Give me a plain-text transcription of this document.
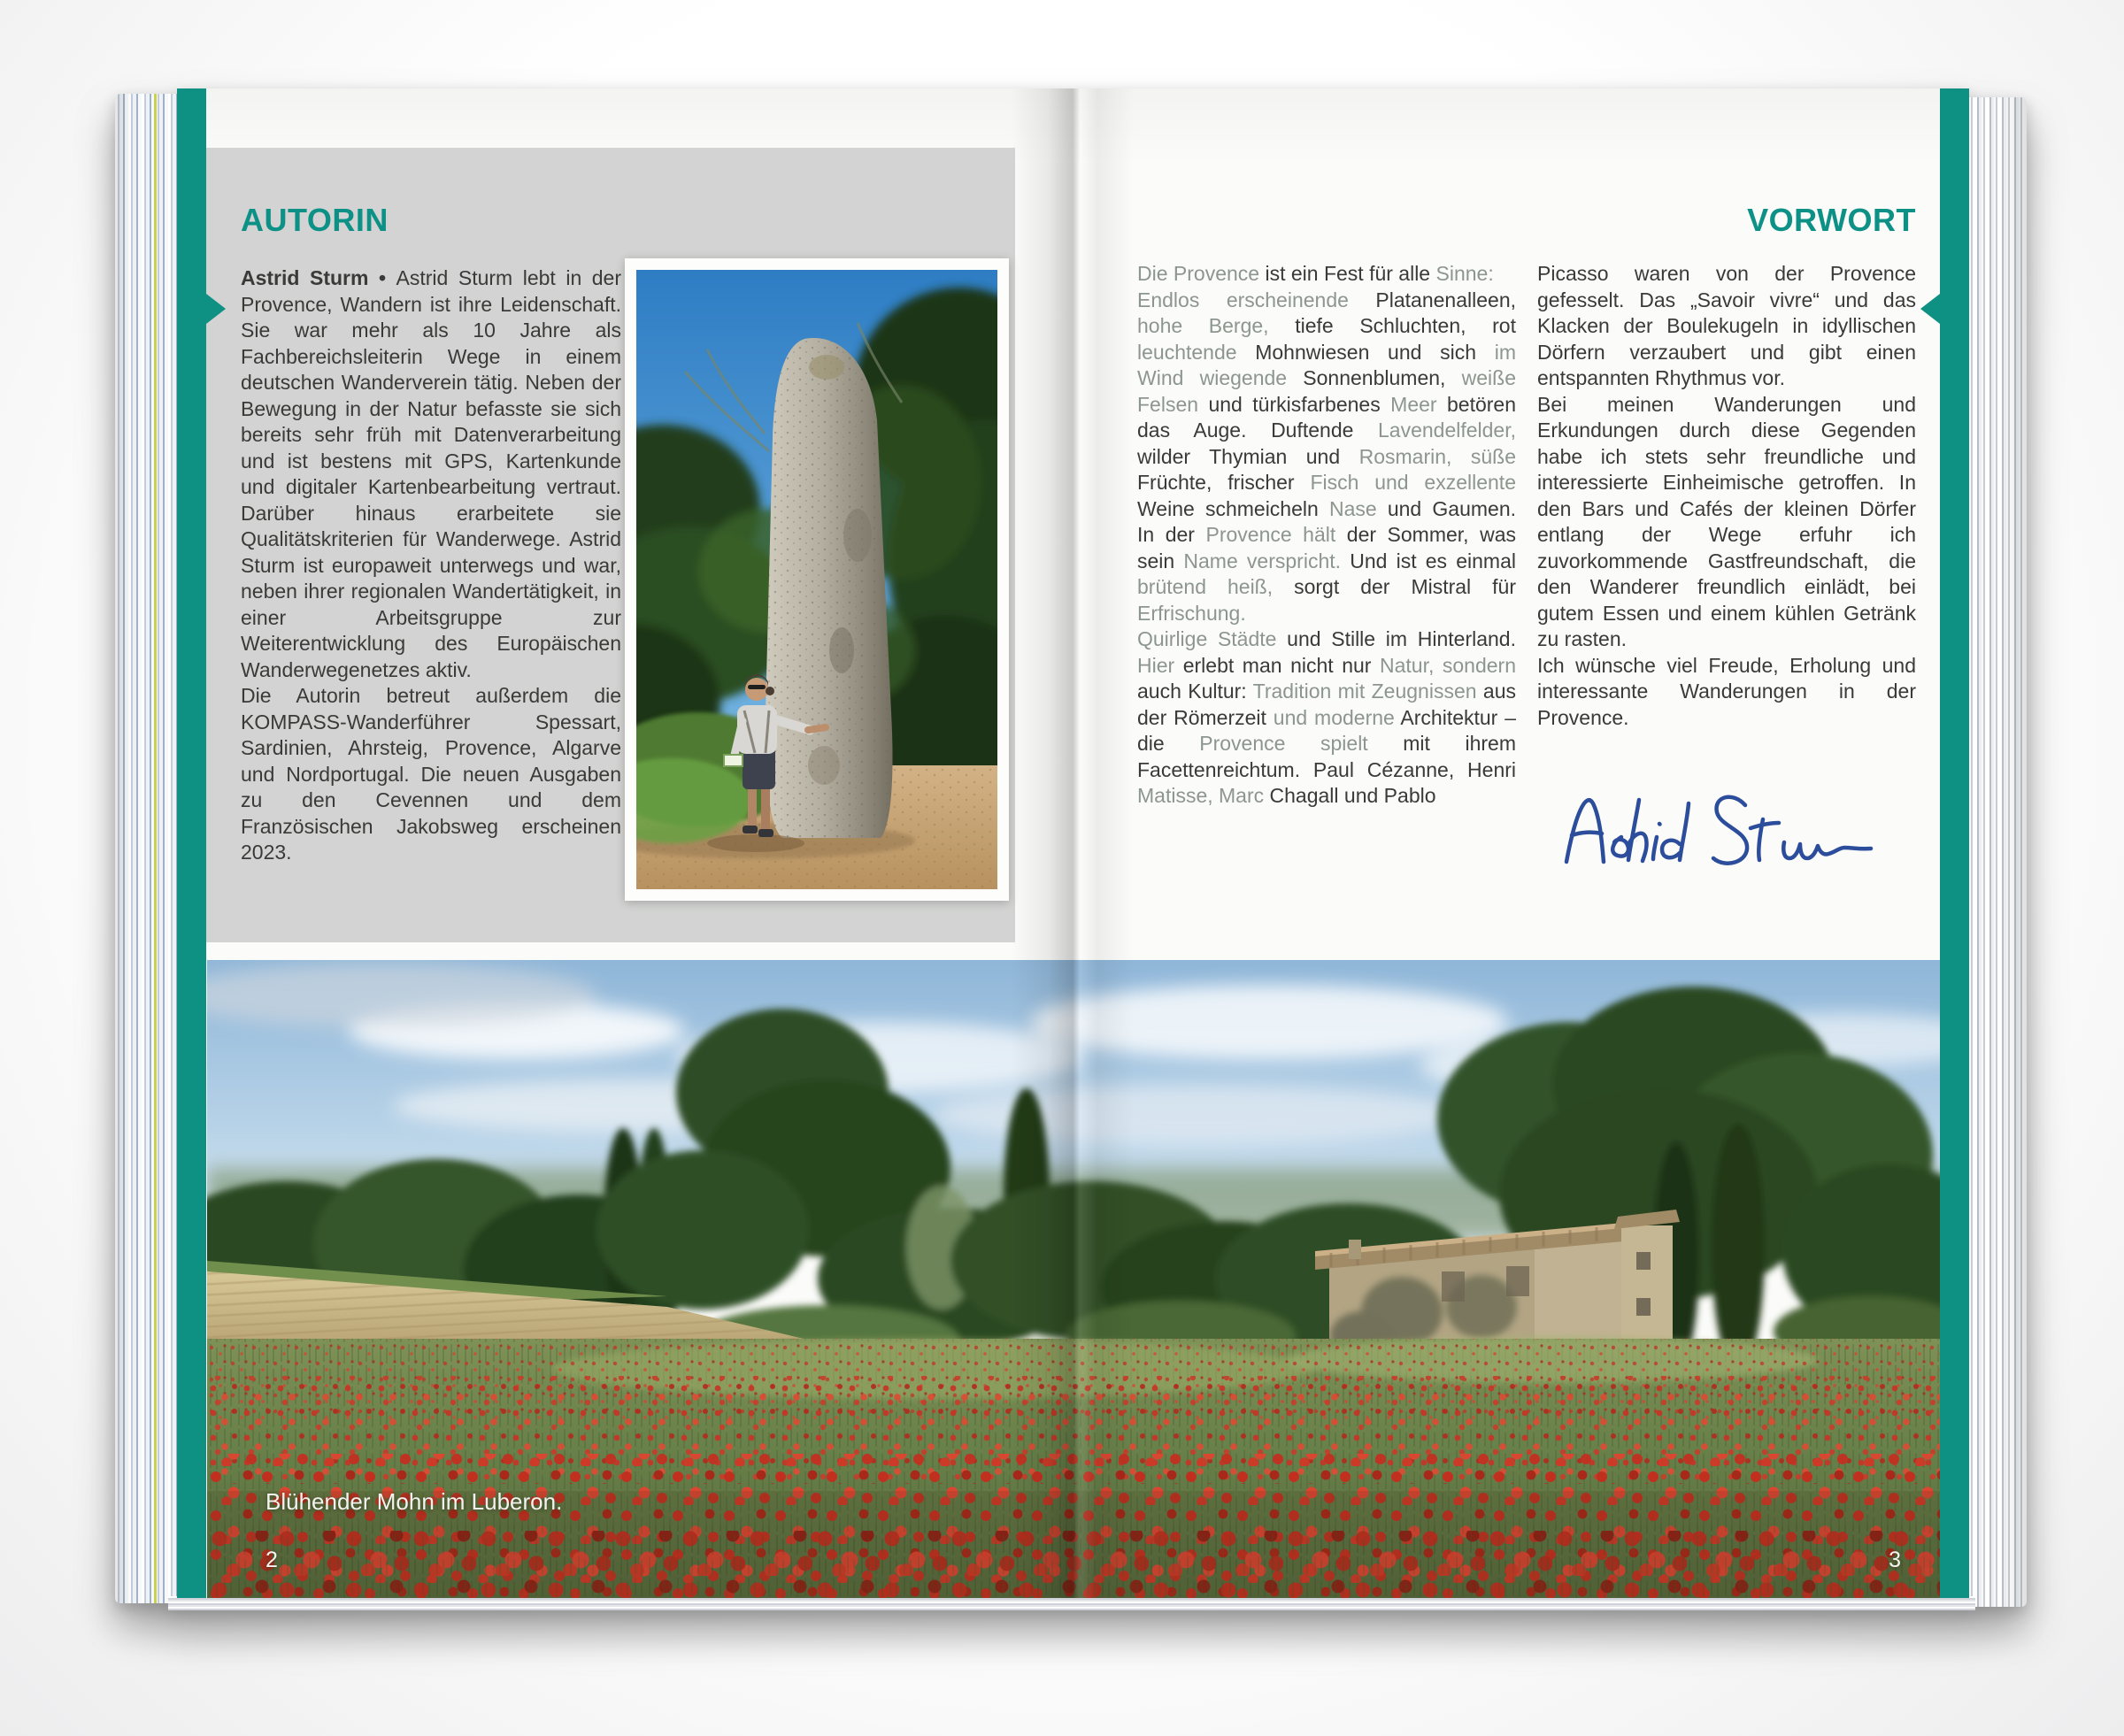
AUTORIN

Astrid Sturm • Astrid Sturm lebt in der Provence, Wandern ist ihre Leidenschaft. Sie war mehr als 10 Jahre als Fachbereichsleiterin Wege in einem deutschen Wanderverein tätig. Neben der Bewegung in der Natur befasste sie sich bereits sehr früh mit Datenverarbeitung und ist bestens mit GPS, Kartenkunde und digitaler Kartenbearbeitung vertraut. Darüber hinaus erarbeitete sie Qualitätskriterien für Wanderwege. Astrid Sturm ist europaweit unterwegs und war, neben ihrer regionalen Wandertätigkeit, in einer Arbeitsgruppe zur Weiterentwicklung des Europäischen Wanderwegenetzes aktiv.

Die Autorin betreut außerdem die KOMPASS-Wanderführer Spessart, Sardinien, Ahrsteig, Provence, Algarve und Nordportugal. Die neuen Ausgaben zu den Cevennen und dem Französischen Jakobsweg erscheinen 2023.

VORWORT

Die Provence ist ein Fest für alle Sinne:

Endlos erscheinende Platanenalleen, hohe Berge, tiefe Schluchten, rot leuchtende Mohnwiesen und sich im Wind wiegende Sonnenblumen, weiße Felsen und türkisfarbenes Meer betören das Auge. Duftende Lavendelfelder, wilder Thymian und Rosmarin, süße Früchte, frischer Fisch und exzellente Weine schmeicheln Nase und Gaumen. In der Provence hält der Sommer, was sein Name verspricht. Und ist es einmal brütend heiß, sorgt der Mistral für Erfrischung.

Quirlige Städte und Stille im Hinterland. Hier erlebt man nicht nur Natur, sondern auch Kultur: Tradition mit Zeugnissen aus der Römerzeit und moderne Architektur – die Provence spielt mit ihrem Facettenreichtum. Paul Cézanne, Henri Matisse, Marc Chagall und Pablo

Picasso waren von der Provence gefesselt. Das „Savoir vivre“ und das Klacken der Boulekugeln in idyllischen Dörfern verzaubert und gibt einen entspannten Rhythmus vor.

Bei meinen Wanderungen und Erkundungen durch diese Gegenden habe ich stets sehr freundliche und interessierte Einheimische getroffen. In den Bars und Cafés der kleinen Dörfer entlang der Wege erfuhr ich zuvorkommende Gastfreundschaft, die den Wanderer freundlich einlädt, bei gutem Essen und einem kühlen Getränk zu rasten.

Ich wünsche viel Freude, Erholung und interessante Wanderungen in der Provence.

Blühender Mohn im Luberon.
2	3
